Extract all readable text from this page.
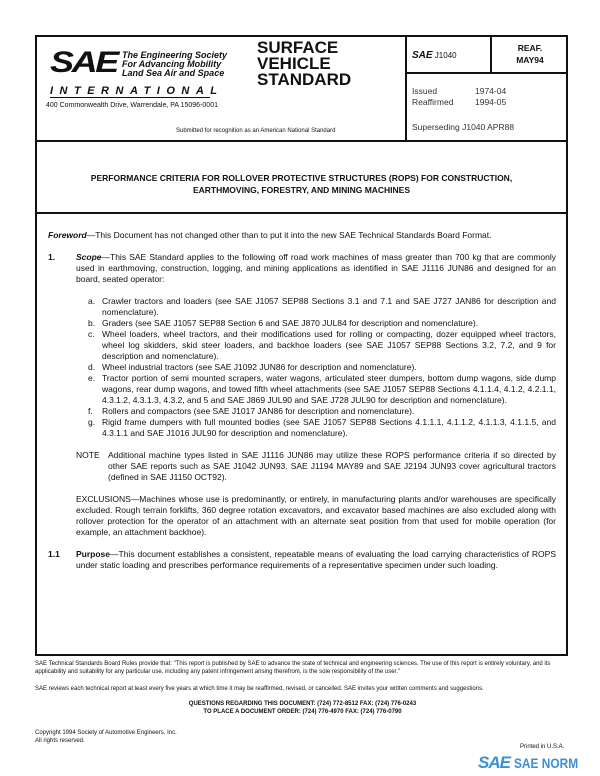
SAE The Engineering Society
For Advancing Mobility
Land Sea Air and Space
INTERNATIONAL
400 Commonwealth Drive, Warrendale, PA 15096-0001
SURFACE
VEHICLE
STANDARD
Submitted for recognition as an American National Standard
SAE J1040
REAF.
MAY94
Issued	1974-04
Reaffirmed	1994-05
Superseding J1040 APR88
PERFORMANCE CRITERIA FOR ROLLOVER PROTECTIVE STRUCTURES (ROPS) FOR CONSTRUCTION,
EARTHMOVING, FORESTRY, AND MINING MACHINES

Foreword—This Document has not changed other than to put it into the new SAE Technical Standards Board Format.

1.	Scope—This SAE Standard applies to the following off road work machines of mass greater than 700 kg that are commonly used in earthmoving, construction, logging, and mining applications as identified in SAE J1116 JUN86 and designed for an board, seated operator:
a. Crawler tractors and loaders (see SAE J1057 SEP88 Sections 3.1 and 7.1 and SAE J727 JAN86 for description and nomenclature).
b. Graders (see SAE J1057 SEP88 Section 6 and SAE J870 JUL84 for description and nomenclature).
c. Wheel loaders, wheel tractors, and their modifications used for rolling or compacting, dozer equipped wheel tractors, wheel log skidders, skid steer loaders, and backhoe loaders (see SAE J1057 SEP88 Sections 3.2, 7.2, and 9 for description and nomenclature).
d. Wheel industrial tractors (see SAE J1092 JUN86 for description and nomenclature).
e. Tractor portion of semi mounted scrapers, water wagons, articulated steer dumpers, bottom dump wagons, side dump wagons, rear dump wagons, and towed fifth wheel attachments (see SAE J1057 SEP88 Sections 4.1.1.4, 4.1.2, 4.2.1.1, 4.3.1.2, 4.3.1.3, 4.3.2, and 5 and SAE J869 JUL90 and SAE J728 JUL90 for description and nomenclature).
f.	Rollers and compactors (see SAE J1017 JAN86 for description and nomenclature).
g. Rigid frame dumpers with full mounted bodies (see SAE J1057 SEP88 Sections 4.1.1.1, 4.1.1.2, 4.1.1.3, 4.1.1.5, and 4.3.1.1 and SAE J1016 JUL90 for description and nomenclature).
NOTE Additional machine types listed in SAE J1116 JUN86 may utilize these ROPS performance criteria if so directed by other SAE reports such as SAE J1042 JUN93. SAE J1194 MAY89 and SAE J2194 JUN93 cover agricultural tractors (defined in SAE J1150 OCT92).

EXCLUSIONS—Machines whose use is predominantly, or entirely, in manufacturing plants and/or warehouses are specifically excluded. Rough terrain forklifts, 360 degree rotation excavators, and excavator based machines are also excluded along with rollover protection for the operator of an attachment with an alternate seat position from that used for mobile operation (for example, an attachment backhoe).

1.1	Purpose—This document establishes a consistent, repeatable means of evaluating the load carrying characteristics of ROPS under static loading and prescribes performance requirements of a representative specimen under such loading.
SAE Technical Standards Board Rules provide that: "This report is published by SAE to advance the state of technical and engineering sciences. The use of this report is entirely voluntary, and its applicability and suitability for any particular use, including any patent infringement arising therefrom, is the sole responsibility of the user."
SAE reviews each technical report at least every five years at which time it may be reaffirmed, revised, or cancelled. SAE invites your written comments and suggestions.
QUESTIONS REGARDING THIS DOCUMENT: (724) 772-8512 FAX: (724) 776-0243
TO PLACE A DOCUMENT ORDER: (724) 776-4970 FAX: (724) 776-0790
Copyright 1994 Society of Automotive Engineers, Inc.
All rights reserved.
Printed in U.S.A.
SAE SAE NORM
